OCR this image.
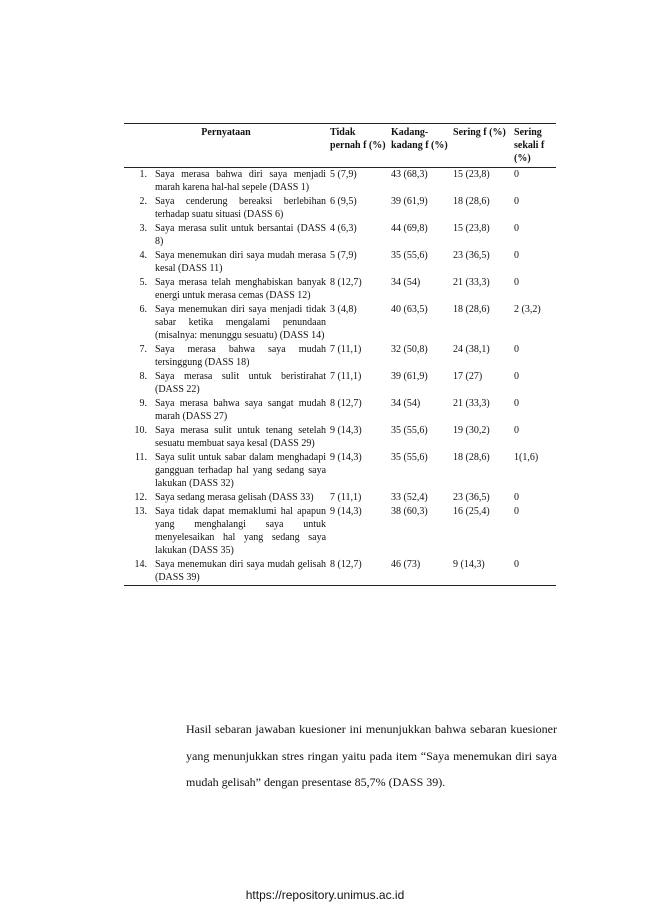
Pernyataan		Tidak pernah f (%)	Kadang-kadang f (%)	Sering f (%)	Sering sekali f (%)
1.	Saya merasa bahwa diri saya menjadi marah karena hal-hal sepele (DASS 1)	5 (7,9)	43 (68,3)	15 (23,8)	0
2.	Saya cenderung bereaksi berlebihan terhadap suatu situasi (DASS 6)	6 (9,5)	39 (61,9)	18 (28,6)	0
3.	Saya merasa sulit untuk bersantai (DASS 8)	4 (6,3)	44 (69,8)	15 (23,8)	0
4.	Saya menemukan diri saya mudah merasa kesal (DASS 11)	5 (7,9)	35 (55,6)	23 (36,5)	0
5.	Saya merasa telah menghabiskan banyak energi untuk merasa cemas (DASS 12)	8 (12,7)	34 (54)	21 (33,3)	0
6.	Saya menemukan diri saya menjadi tidak sabar ketika mengalami penundaan (misalnya: menunggu sesuatu) (DASS 14)	3 (4,8)	40 (63,5)	18 (28,6)	2 (3,2)
7.	Saya merasa bahwa saya mudah tersinggung (DASS 18)	7 (11,1)	32 (50,8)	24 (38,1)	0
8.	Saya merasa sulit untuk beristirahat (DASS 22)	7 (11,1)	39 (61,9)	17 (27)	0
9.	Saya merasa bahwa saya sangat mudah marah (DASS 27)	8 (12,7)	34 (54)	21 (33,3)	0
10.	Saya merasa sulit untuk tenang setelah sesuatu membuat saya kesal (DASS 29)	9 (14,3)	35 (55,6)	19 (30,2)	0
11.	Saya sulit untuk sabar dalam menghadapi gangguan terhadap hal yang sedang saya lakukan (DASS 32)	9 (14,3)	35 (55,6)	18 (28,6)	1(1,6)
12.	Saya sedang merasa gelisah (DASS 33)	7 (11,1)	33 (52,4)	23 (36,5)	0
13.	Saya tidak dapat memaklumi hal apapun yang menghalangi saya untuk menyelesaikan hal yang sedang saya lakukan (DASS 35)	9 (14,3)	38 (60,3)	16 (25,4)	0
14.	Saya menemukan diri saya mudah gelisah (DASS 39)	8 (12,7)	46 (73)	9 (14,3)	0

Hasil sebaran jawaban kuesioner ini menunjukkan bahwa sebaran kuesioner yang menunjukkan stres ringan yaitu pada item “Saya menemukan diri saya mudah gelisah” dengan presentase 85,7% (DASS 39).

https://repository.unimus.ac.id
